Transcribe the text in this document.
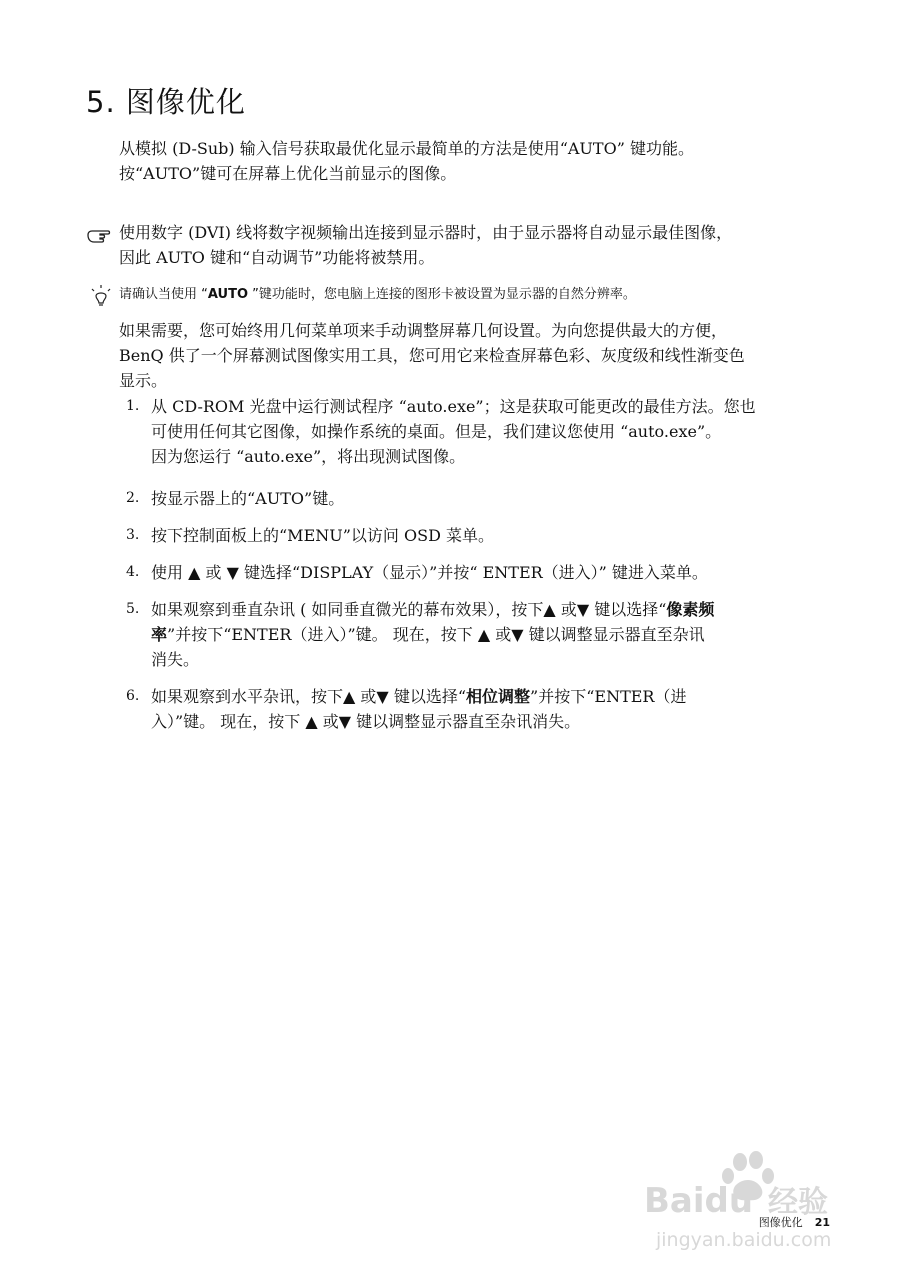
5. 图像优化

从模拟 (D-Sub) 输入信号获取最优化显示最简单的方法是使用“AUTO” 键功能。

按“AUTO”键可在屏幕上优化当前显示的图像。

使用数字 (DVI) 线将数字视频输出连接到显示器时，由于显示器将自动显示最佳图像，
因此 AUTO 键和“自动调节”功能将被禁用。
请确认当使用 “AUTO ”键功能时，您电脑上连接的图形卡被设置为显示器的自然分辨率。
如果需要，您可始终用几何菜单项来手动调整屏幕几何设置。为向您提供最大的方便，
BenQ 供了一个屏幕测试图像实用工具，您可用它来检查屏幕色彩、灰度级和线性渐变色
显示。
1. 从 CD-ROM 光盘中运行测试程序 “auto.exe”；这是获取可能更改的最佳方法。您也
可使用任何其它图像，如操作系统的桌面。但是，我们建议您使用 “auto.exe”。
因为您运行 “auto.exe”，将出现测试图像。
2. 按显示器上的“AUTO”键。
3. 按下控制面板上的“MENU”以访问 OSD 菜单。
4. 使用 ▲ 或 ▼ 键选择“DISPLAY（显示）”并按“ ENTER（进入）” 键进入菜单。
5. 如果观察到垂直杂讯 ( 如同垂直微光的幕布效果），按下▲ 或▼ 键以选择“像素频
率”并按下“ENTER（进入）”键。 现在，按下 ▲ 或▼ 键以调整显示器直至杂讯
消失。
6. 如果观察到水平杂讯，按下▲ 或▼ 键以选择“相位调整”并按下“ENTER（进
入）”键。 现在，按下 ▲ 或▼ 键以调整显示器直至杂讯消失。
Baidu 经验
jingyan.baidu.com
图像优化 21
